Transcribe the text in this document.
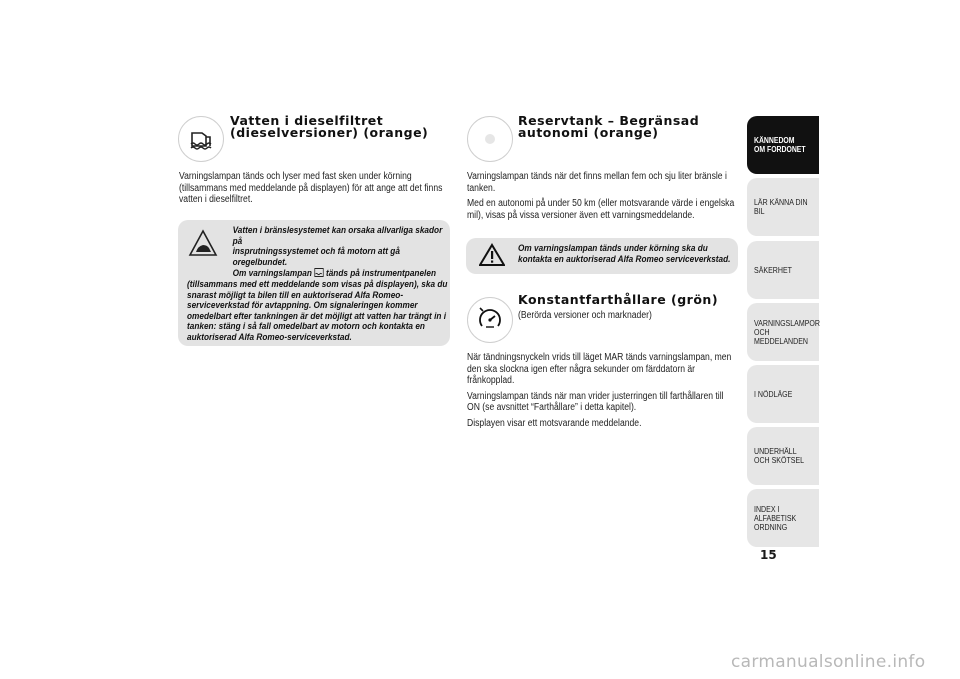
Vatten i dieselfiltret
(dieselversioner) (orange)

Varningslampan tänds och lyser med fast sken under körning (tillsammans med meddelande på displayen) för att ange att det finns vatten i dieselfiltret.

Vatten i bränslesystemet kan orsaka allvarliga skador på
insprutningssystemet och få motorn att gå oregelbundet.
Om varningslampan tänds på instrumentpanelen
(tillsammans med ett meddelande som visas på displayen), ska du snarast möjligt ta bilen till en auktoriserad Alfa Romeo-serviceverkstad för avtappning. Om signaleringen kommer omedelbart efter tankningen är det möjligt att vatten har trängt in i tanken: stäng i så fall omedelbart av motorn och kontakta en auktoriserad Alfa Romeo-serviceverkstad.
Reservtank – Begränsad
autonomi (orange)

Varningslampan tänds när det finns mellan fem och sju liter bränsle i tanken.

Med en autonomi på under 50 km (eller motsvarande värde i engelska mil), visas på vissa versioner även ett varningsmeddelande.

Om varningslampan tänds under körning ska du kontakta en auktoriserad Alfa Romeo serviceverkstad.
Konstantfarthållare (grön)

(Berörda versioner och marknader)

När tändningsnyckeln vrids till läget MAR tänds varningslampan, men den ska slockna igen efter några sekunder om färddatorn är frånkopplad.

Varningslampan tänds när man vrider justerringen till farthållaren till ON (se avsnittet “Farthållare” i detta kapitel).

Displayen visar ett motsvarande meddelande.

KÄNNEDOM OM FORDONET
LÄR KÄNNA DIN BIL
SÄKERHET
VARNINGSLAMPOR OCH MEDDELANDEN
I NÖDLÄGE
UNDERHÅLL OCH SKÖTSEL
INDEX I ALFABETISK ORDNING
15
carmanualsonline.info
